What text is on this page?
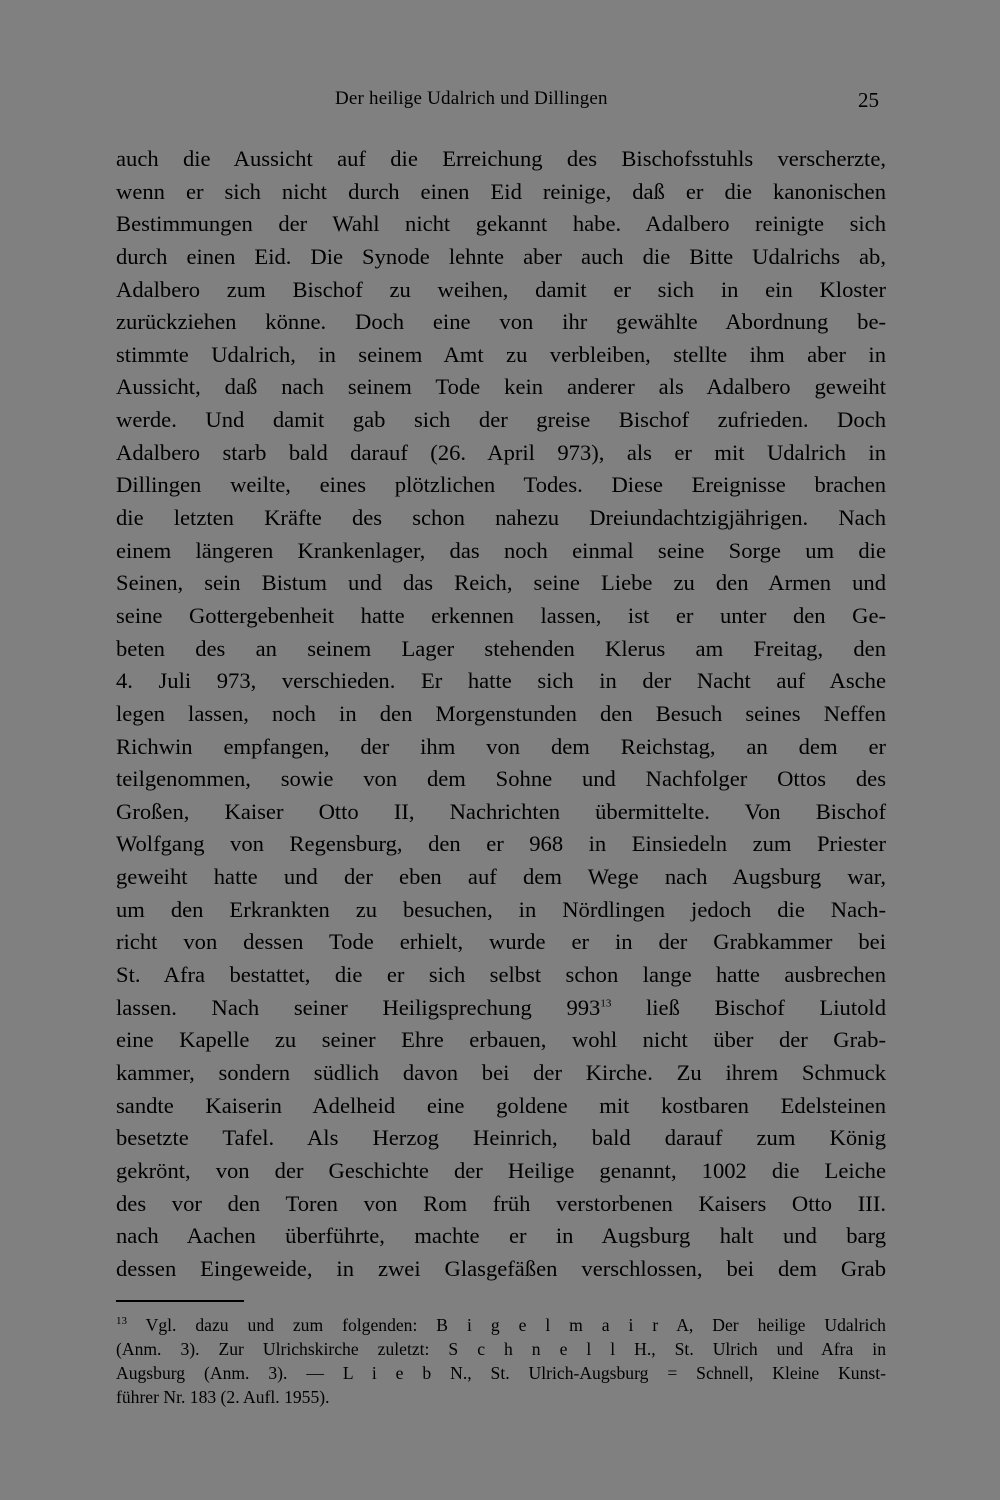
Der heilige Udalrich und Dillingen	25
auch die Aussicht auf die Erreichung des Bischofsstuhls verscherzte,
wenn er sich nicht durch einen Eid reinige, daß er die kanonischen
Bestimmungen der Wahl nicht gekannt habe. Adalbero reinigte sich
durch einen Eid. Die Synode lehnte aber auch die Bitte Udalrichs ab,
Adalbero zum Bischof zu weihen, damit er sich in ein Kloster
zurückziehen könne. Doch eine von ihr gewählte Abordnung be-
stimmte Udalrich, in seinem Amt zu verbleiben, stellte ihm aber in
Aussicht, daß nach seinem Tode kein anderer als Adalbero geweiht
werde. Und damit gab sich der greise Bischof zufrieden. Doch
Adalbero starb bald darauf (26. April 973), als er mit Udalrich in
Dillingen weilte, eines plötzlichen Todes. Diese Ereignisse brachen
die letzten Kräfte des schon nahezu Dreiundachtzigjährigen. Nach
einem längeren Krankenlager, das noch einmal seine Sorge um die
Seinen, sein Bistum und das Reich, seine Liebe zu den Armen und
seine Gottergebenheit hatte erkennen lassen, ist er unter den Ge-
beten des an seinem Lager stehenden Klerus am Freitag, den
4. Juli 973, verschieden. Er hatte sich in der Nacht auf Asche
legen lassen, noch in den Morgenstunden den Besuch seines Neffen
Richwin empfangen, der ihm von dem Reichstag, an dem er
teilgenommen, sowie von dem Sohne und Nachfolger Ottos des
Großen, Kaiser Otto II, Nachrichten übermittelte. Von Bischof
Wolfgang von Regensburg, den er 968 in Einsiedeln zum Priester
geweiht hatte und der eben auf dem Wege nach Augsburg war,
um den Erkrankten zu besuchen, in Nördlingen jedoch die Nach-
richt von dessen Tode erhielt, wurde er in der Grabkammer bei
St. Afra bestattet, die er sich selbst schon lange hatte ausbrechen
lassen. Nach seiner Heiligsprechung $993^{13}$ ließ Bischof Liutold
eine Kapelle zu seiner Ehre erbauen, wohl nicht über der Grab-
kammer, sondern südlich davon bei der Kirche. Zu ihrem Schmuck
sandte Kaiserin Adelheid eine goldene mit kostbaren Edelsteinen
besetzte Tafel. Als Herzog Heinrich, bald darauf zum König
gekrönt, von der Geschichte der Heilige genannt, 1002 die Leiche
des vor den Toren von Rom früh verstorbenen Kaisers Otto III.
nach Aachen überführte, machte er in Augsburg halt und barg
dessen Eingeweide, in zwei Glasgefäßen verschlossen, bei dem Grab
$^{13}$ Vgl. dazu und zum folgenden: B i g e l m a i r A, Der heilige Udalrich
(Anm. 3). Zur Ulrichskirche zuletzt: S c h n e l l H., St. Ulrich und Afra in
Augsburg (Anm. 3). — L i e b N., St. Ulrich-Augsburg = Schnell, Kleine Kunst-
führer Nr. 183 (2. Aufl. 1955).
